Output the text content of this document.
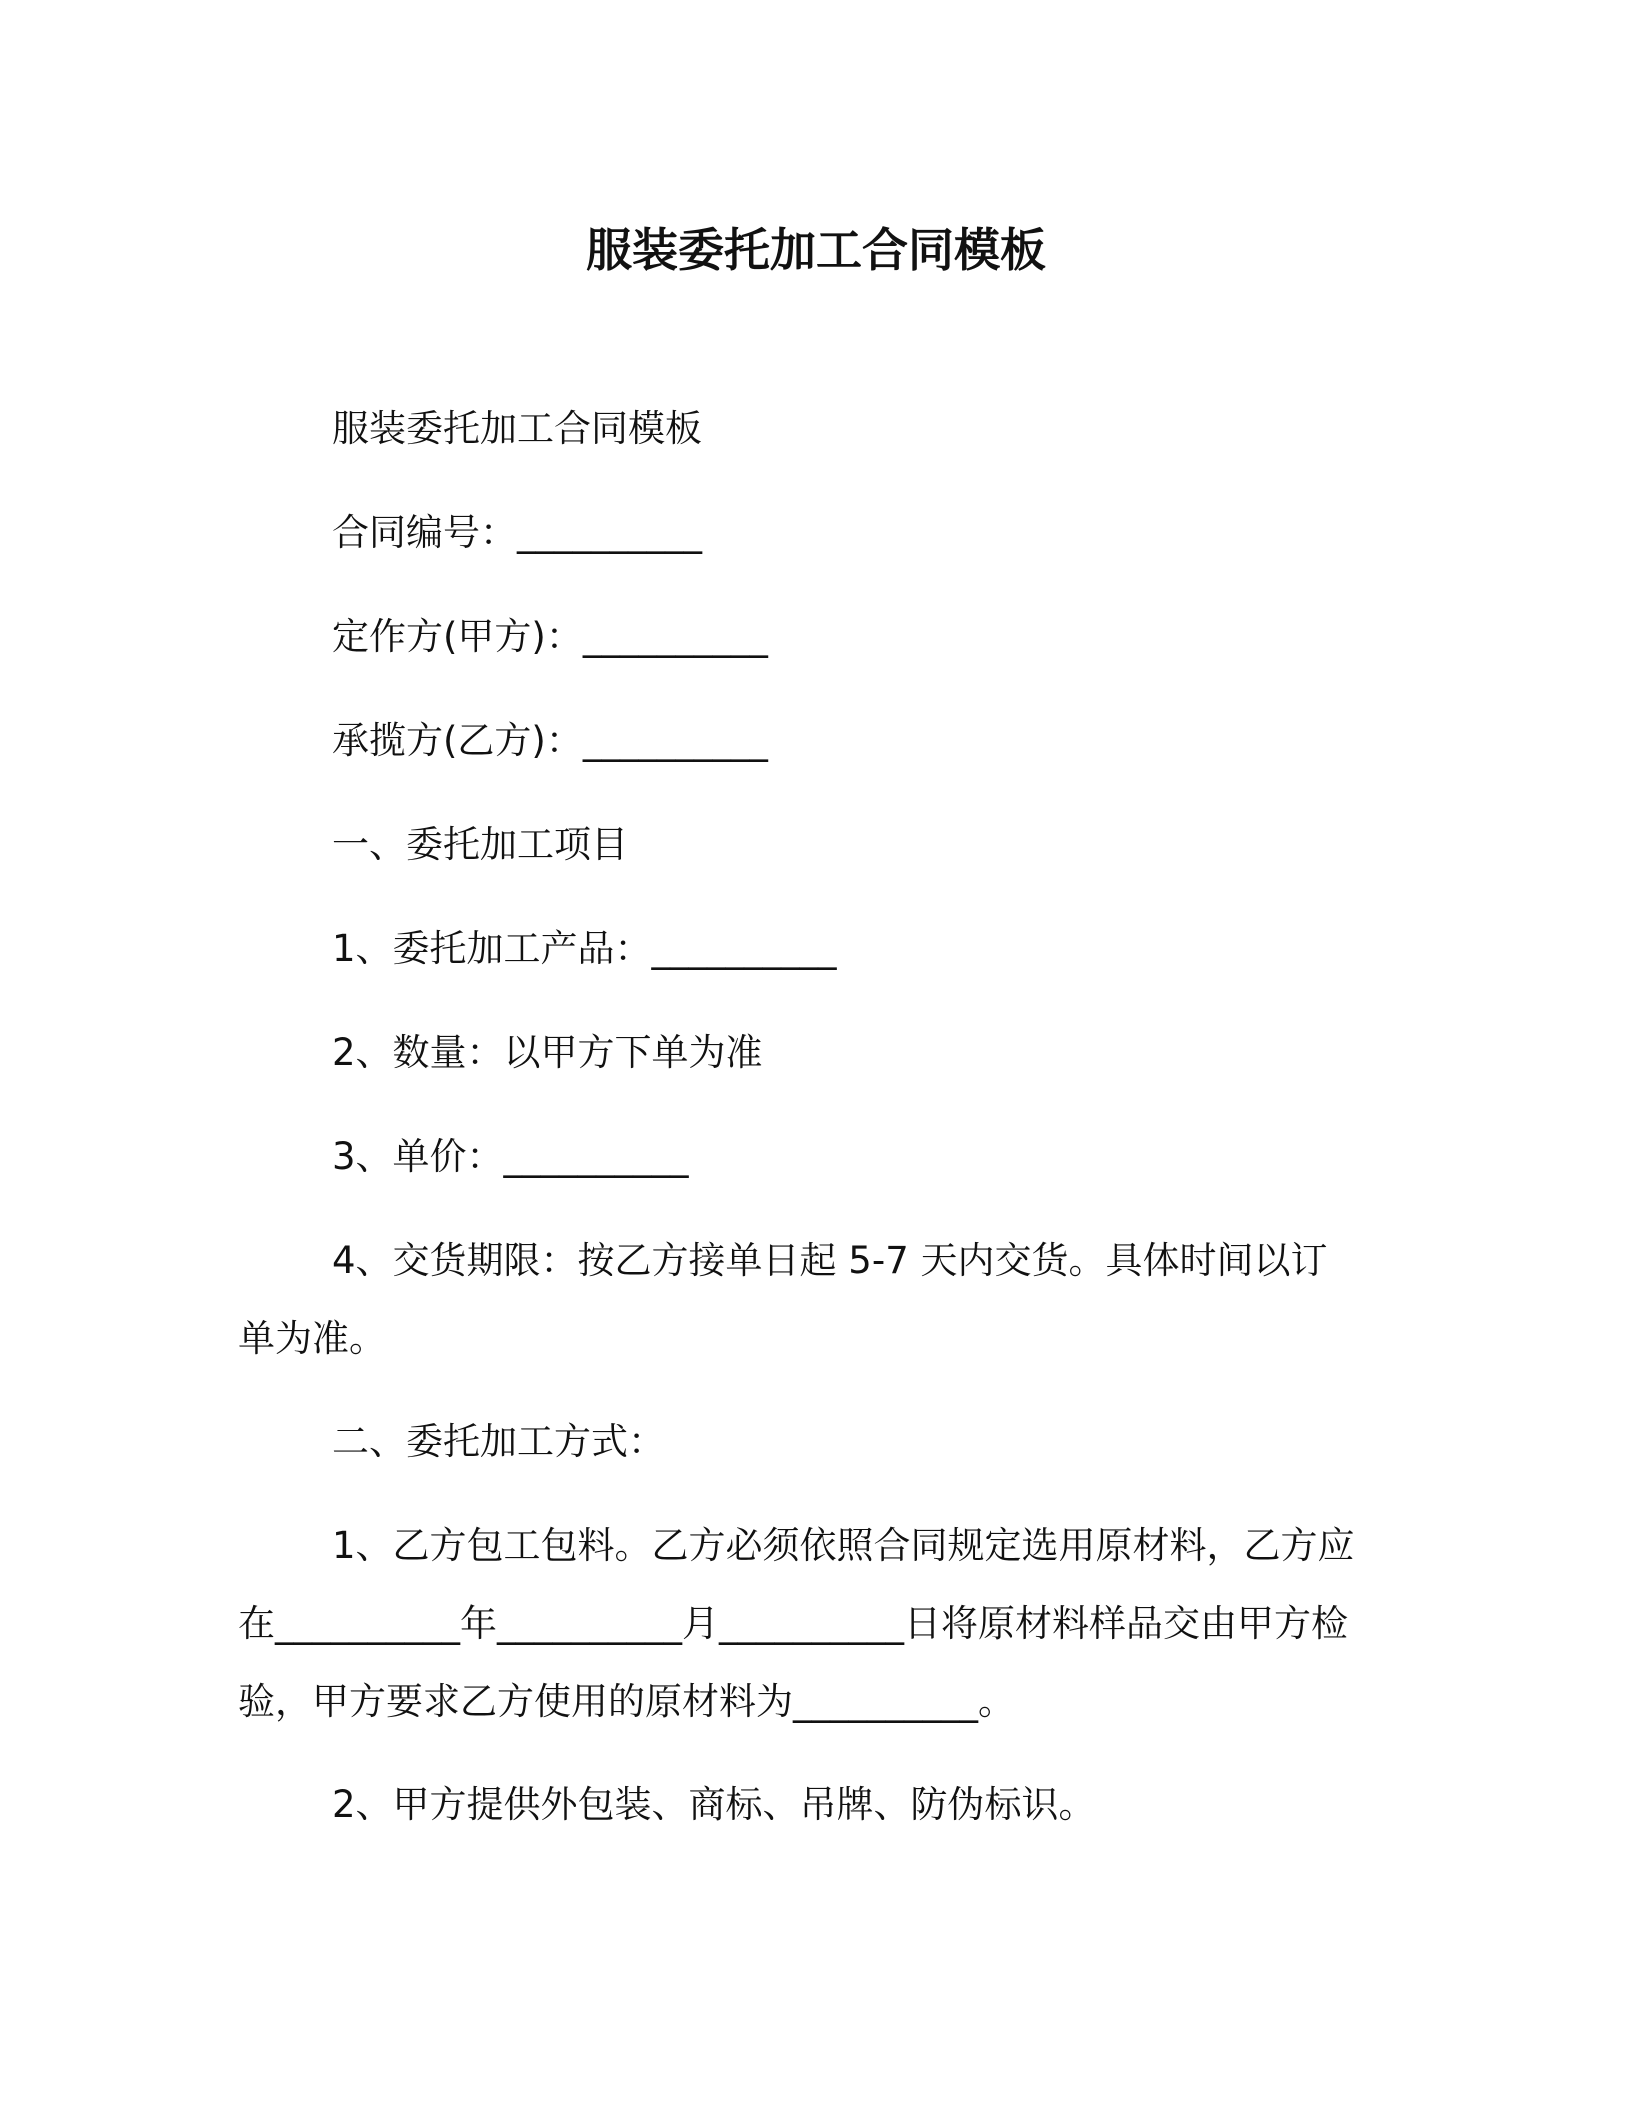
服装委托加工合同模板

服装委托加工合同模板

合同编号：__________

定作方(甲方)：__________

承揽方(乙方)：__________

一、委托加工项目

1、委托加工产品：__________

2、数量：以甲方下单为准

3、单价：__________

4、交货期限：按乙方接单日起 5-7 天内交货。具体时间以订单为准。

二、委托加工方式：

1、乙方包工包料。乙方必须依照合同规定选用原材料，乙方应在__________年__________月__________日将原材料样品交由甲方检验，甲方要求乙方使用的原材料为__________。

2、甲方提供外包装、商标、吊牌、防伪标识。
